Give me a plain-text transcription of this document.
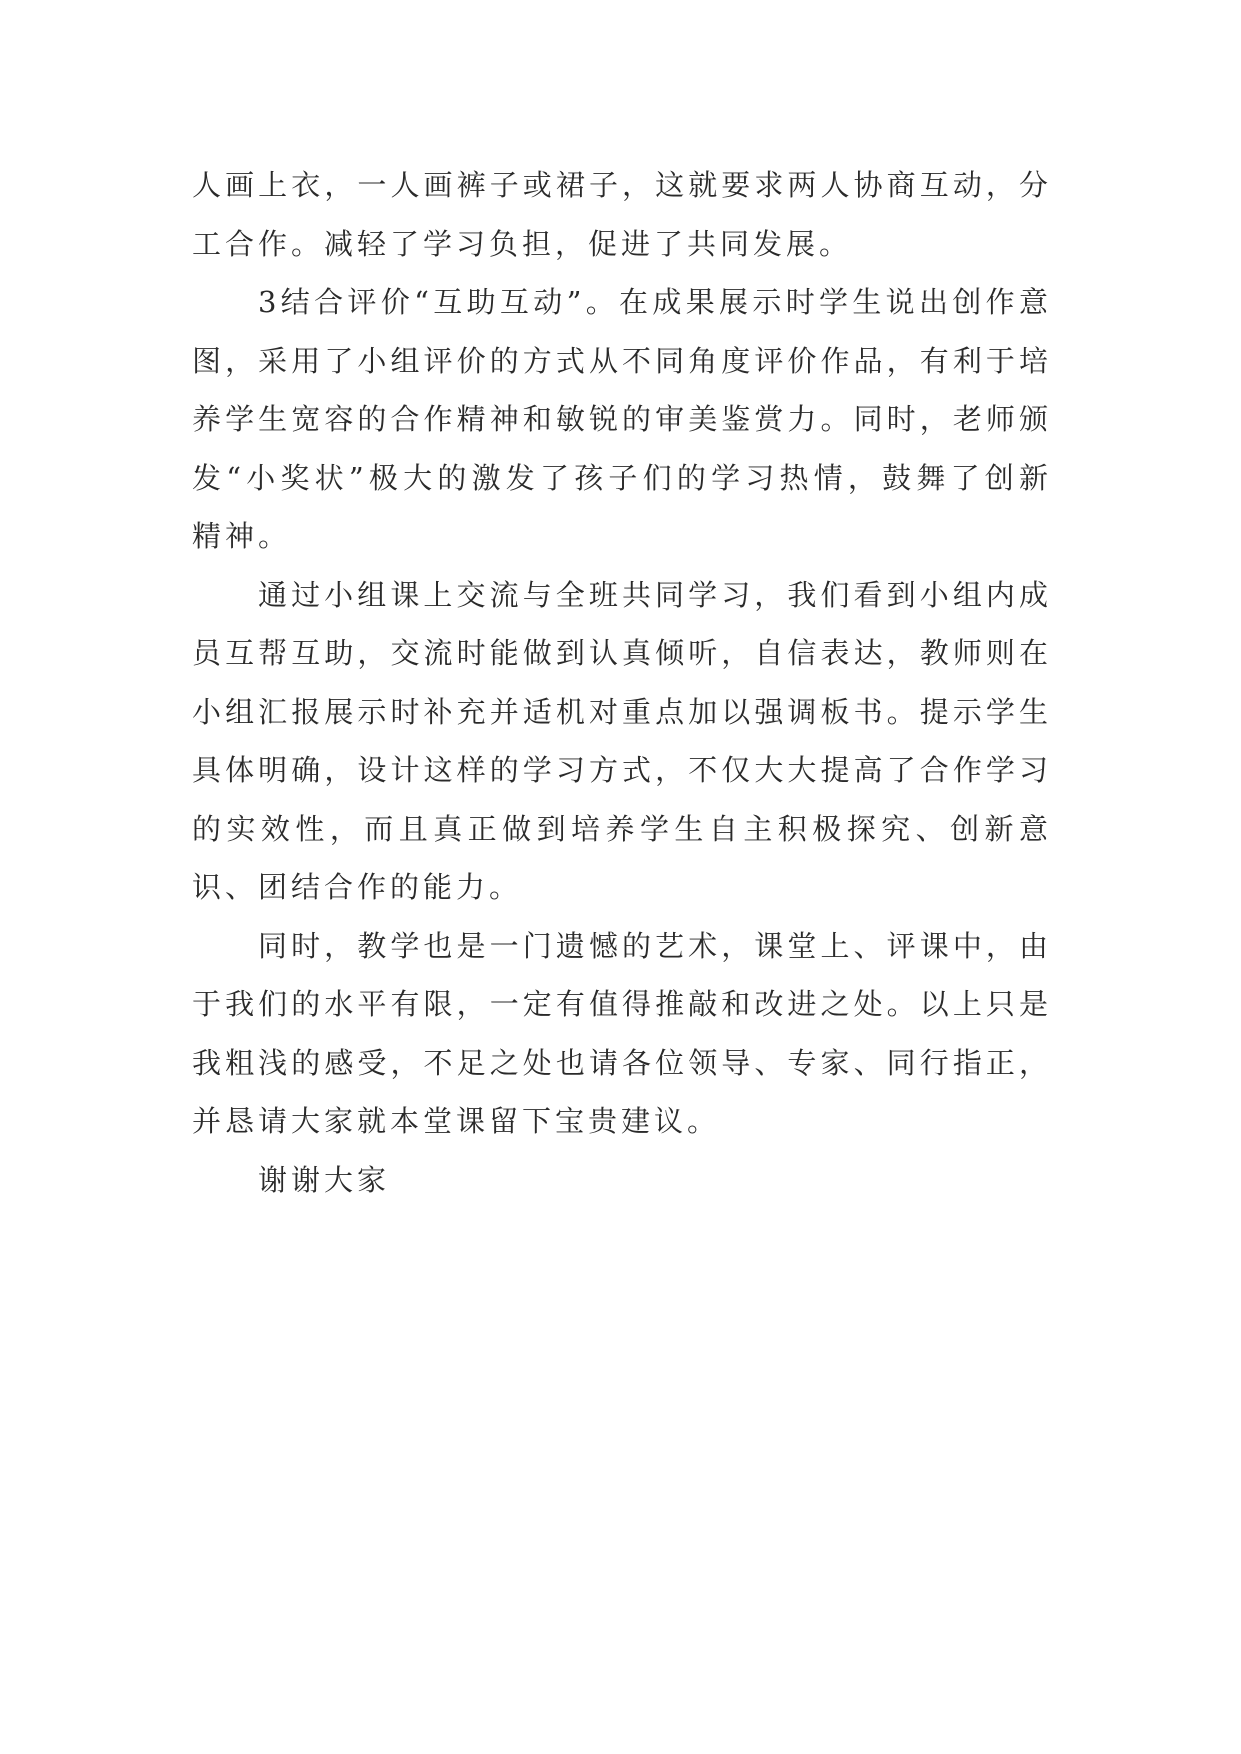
人画上衣，一人画裤子或裙子，这就要求两人协商互动，分工合作。减轻了学习负担，促进了共同发展。

3结合评价“互助互动”。在成果展示时学生说出创作意图，采用了小组评价的方式从不同角度评价作品，有利于培养学生宽容的合作精神和敏锐的审美鉴赏力。同时，老师颁发“小奖状”极大的激发了孩子们的学习热情，鼓舞了创新精神。

通过小组课上交流与全班共同学习，我们看到小组内成员互帮互助，交流时能做到认真倾听，自信表达，教师则在小组汇报展示时补充并适机对重点加以强调板书。提示学生具体明确，设计这样的学习方式，不仅大大提高了合作学习的实效性，而且真正做到培养学生自主积极探究、创新意识、团结合作的能力。

同时，教学也是一门遗憾的艺术，课堂上、评课中，由于我们的水平有限，一定有值得推敲和改进之处。以上只是我粗浅的感受，不足之处也请各位领导、专家、同行指正，并恳请大家就本堂课留下宝贵建议。

谢谢大家
